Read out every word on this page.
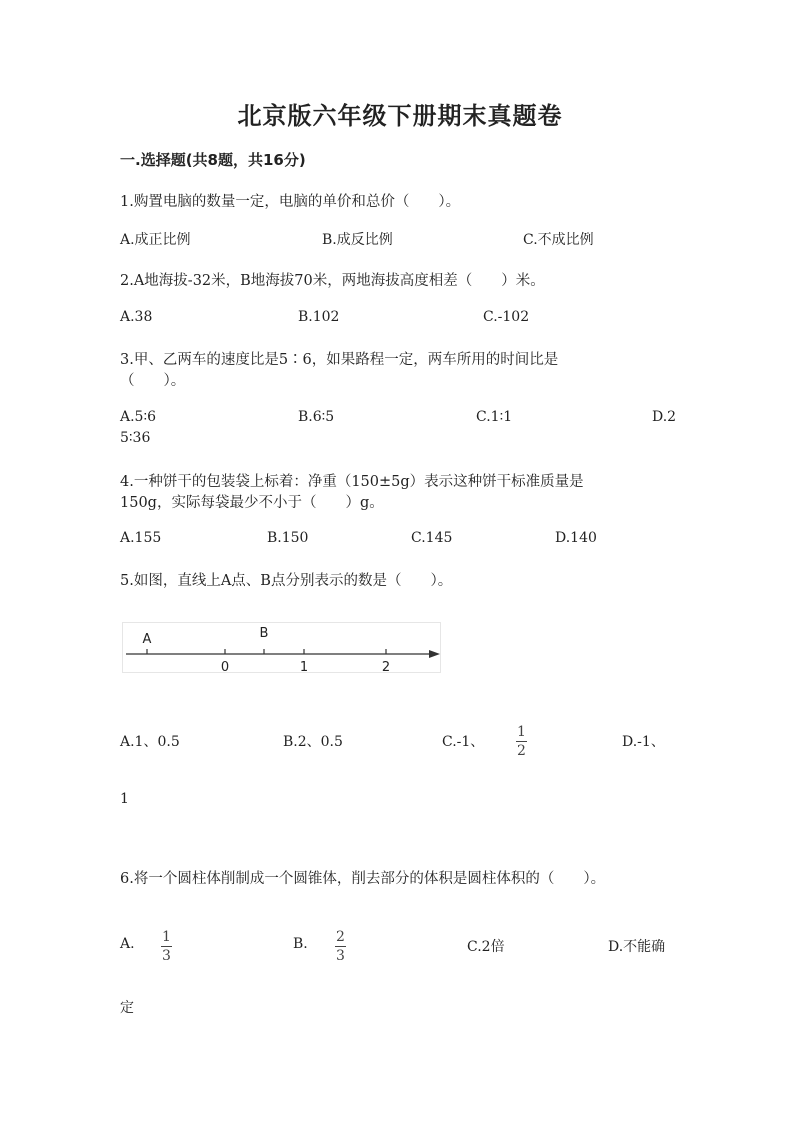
北京版六年级下册期末真题卷
一.选择题(共8题，共16分)
1.购置电脑的数量一定，电脑的单价和总价（　　）。
A.成正比例	B.成反比例	C.不成比例
2.A地海拔-32米，B地海拔70米，两地海拔高度相差（　　）米。
A.38	B.102	C.-102
3.甲、乙两车的速度比是5∶6，如果路程一定，两车所用的时间比是
（　　）。
A.5∶6	B.6∶5	C.1∶1	D.2
5∶36
4.一种饼干的包装袋上标着：净重（150±5g）表示这种饼干标准质量是
150g，实际每袋最少不小于（　　）g。
A.155	B.150	C.145	D.140
5.如图，直线上A点、B点分别表示的数是（　　）。
A	B
0	1	2
A.1、0.5	B.2、0.5	C.-1、
1
2
D.-1、
1
6.将一个圆柱体削制成一个圆锥体，削去部分的体积是圆柱体积的（　　）。
A. 1
3
B. 2
3
C.2倍	D.不能确
定
